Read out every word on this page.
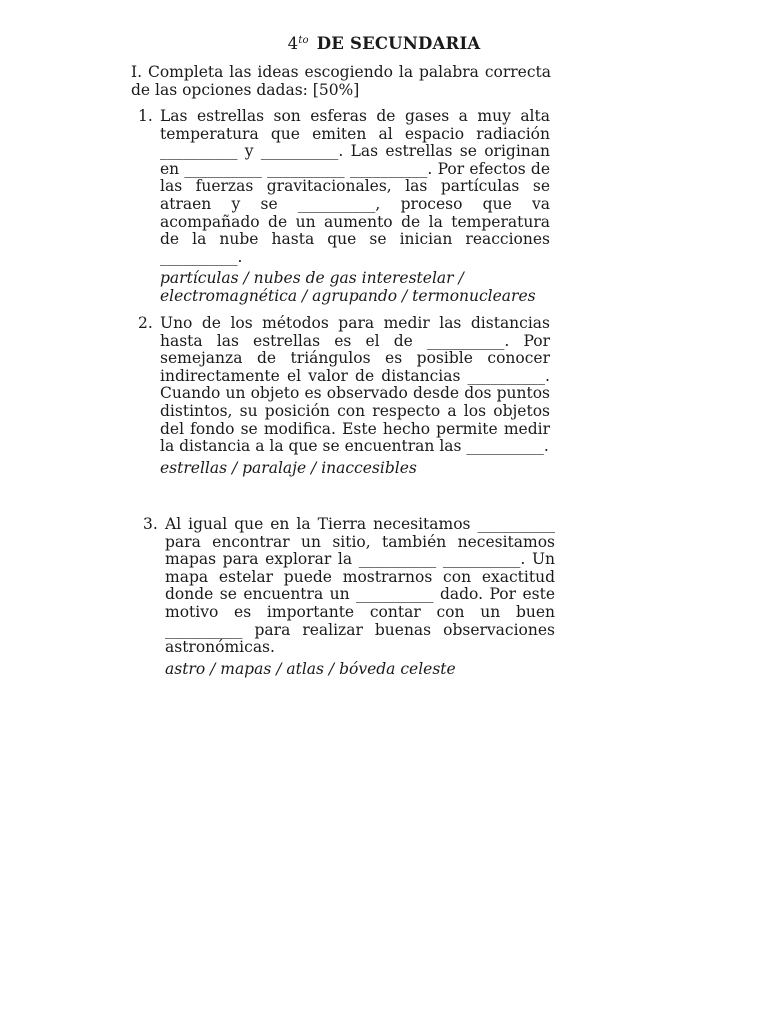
$4^{to}$ DE SECUNDARIA
I. Completa las ideas escogiendo la palabra correcta de las opciones dadas: [50%]
1. Las estrellas son esferas de gases a muy alta temperatura que emiten al espacio radiación __________ y __________. Las estrellas se originan en __________ __________ __________. Por efectos de las fuerzas gravitacionales, las partículas se atraen y se __________, proceso que va acompañado de un aumento de la temperatura de la nube hasta que se inician reacciones __________.
partículas / nubes de gas interestelar / electromagnética / agrupando / termonucleares
2. Uno de los métodos para medir las distancias hasta las estrellas es el de __________. Por semejanza de triángulos es posible conocer indirectamente el valor de distancias __________. Cuando un objeto es observado desde dos puntos distintos, su posición con respecto a los objetos del fondo se modifica. Este hecho permite medir la distancia a la que se encuentran las __________.
estrellas / paralaje / inaccesibles
3. Al igual que en la Tierra necesitamos __________ para encontrar un sitio, también necesitamos mapas para explorar la __________ __________. Un mapa estelar puede mostrarnos con exactitud donde se encuentra un __________ dado. Por este motivo es importante contar con un buen __________ para realizar buenas observaciones astronómicas.
astro / mapas / atlas / bóveda celeste
